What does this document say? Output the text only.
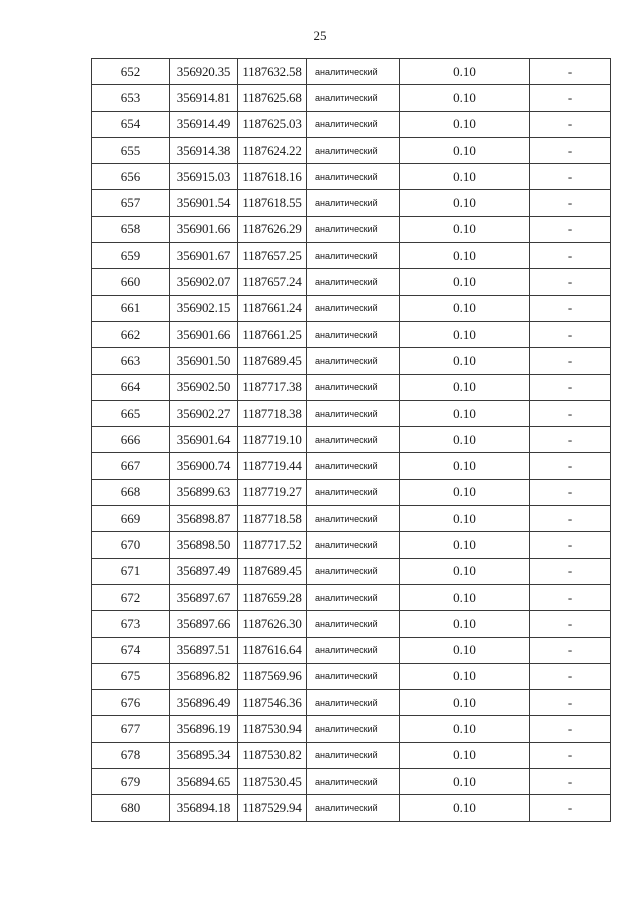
25
652	356920.35	1187632.58	аналитический	0.10	-
653	356914.81	1187625.68	аналитический	0.10	-
654	356914.49	1187625.03	аналитический	0.10	-
655	356914.38	1187624.22	аналитический	0.10	-
656	356915.03	1187618.16	аналитический	0.10	-
657	356901.54	1187618.55	аналитический	0.10	-
658	356901.66	1187626.29	аналитический	0.10	-
659	356901.67	1187657.25	аналитический	0.10	-
660	356902.07	1187657.24	аналитический	0.10	-
661	356902.15	1187661.24	аналитический	0.10	-
662	356901.66	1187661.25	аналитический	0.10	-
663	356901.50	1187689.45	аналитический	0.10	-
664	356902.50	1187717.38	аналитический	0.10	-
665	356902.27	1187718.38	аналитический	0.10	-
666	356901.64	1187719.10	аналитический	0.10	-
667	356900.74	1187719.44	аналитический	0.10	-
668	356899.63	1187719.27	аналитический	0.10	-
669	356898.87	1187718.58	аналитический	0.10	-
670	356898.50	1187717.52	аналитический	0.10	-
671	356897.49	1187689.45	аналитический	0.10	-
672	356897.67	1187659.28	аналитический	0.10	-
673	356897.66	1187626.30	аналитический	0.10	-
674	356897.51	1187616.64	аналитический	0.10	-
675	356896.82	1187569.96	аналитический	0.10	-
676	356896.49	1187546.36	аналитический	0.10	-
677	356896.19	1187530.94	аналитический	0.10	-
678	356895.34	1187530.82	аналитический	0.10	-
679	356894.65	1187530.45	аналитический	0.10	-
680	356894.18	1187529.94	аналитический	0.10	-
